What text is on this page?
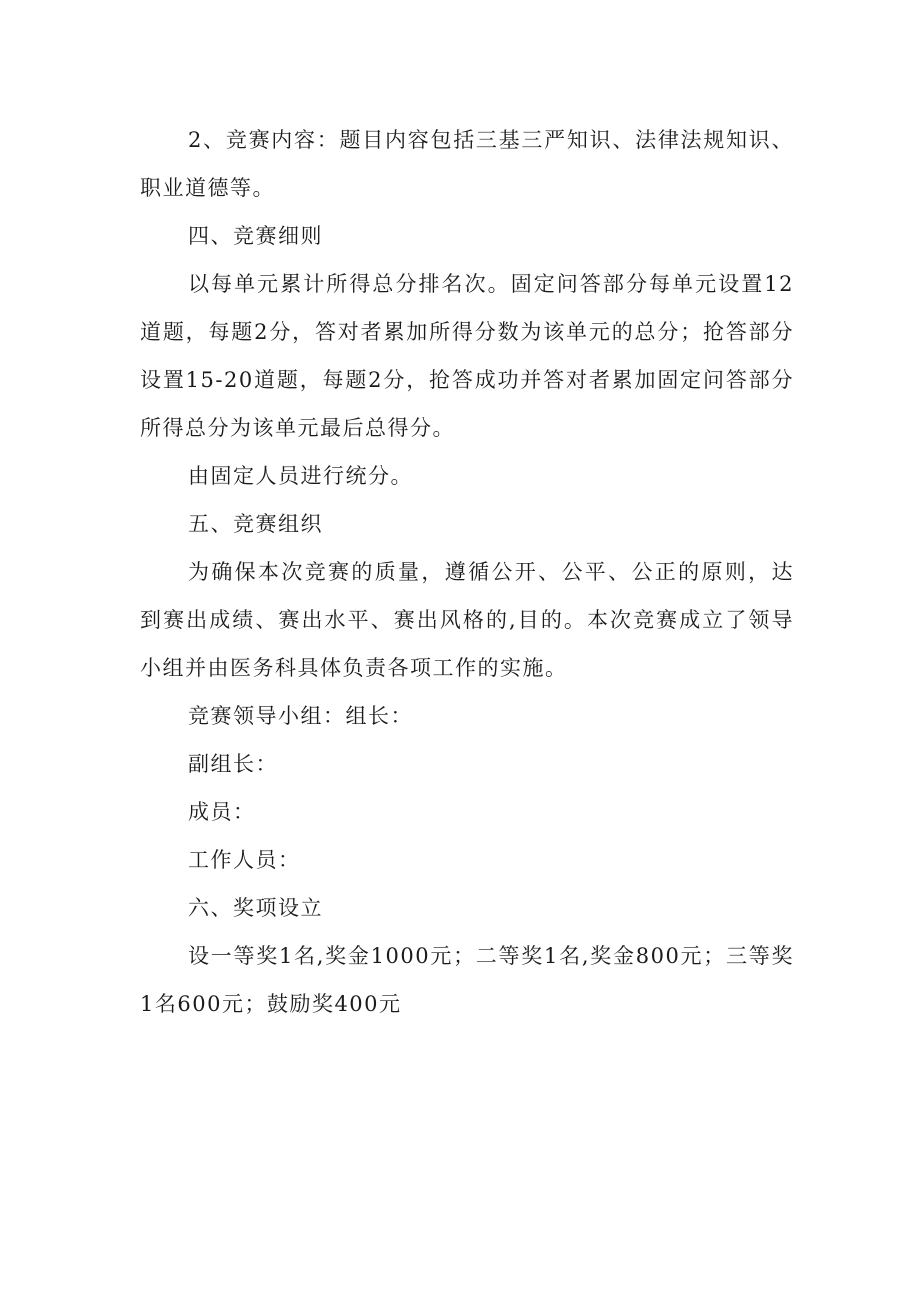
2、竞赛内容：题目内容包括三基三严知识、法律法规知识、职业道德等。

四、竞赛细则

以每单元累计所得总分排名次。固定问答部分每单元设置12道题，每题2分，答对者累加所得分数为该单元的总分；抢答部分设置15-20道题，每题2分，抢答成功并答对者累加固定问答部分所得总分为该单元最后总得分。

由固定人员进行统分。

五、竞赛组织

为确保本次竞赛的质量，遵循公开、公平、公正的原则，达到赛出成绩、赛出水平、赛出风格的,目的。本次竞赛成立了领导小组并由医务科具体负责各项工作的实施。

竞赛领导小组：组长：

副组长：

成员：

工作人员：

六、奖项设立

设一等奖1名,奖金1000元；二等奖1名,奖金800元；三等奖1名600元；鼓励奖400元
